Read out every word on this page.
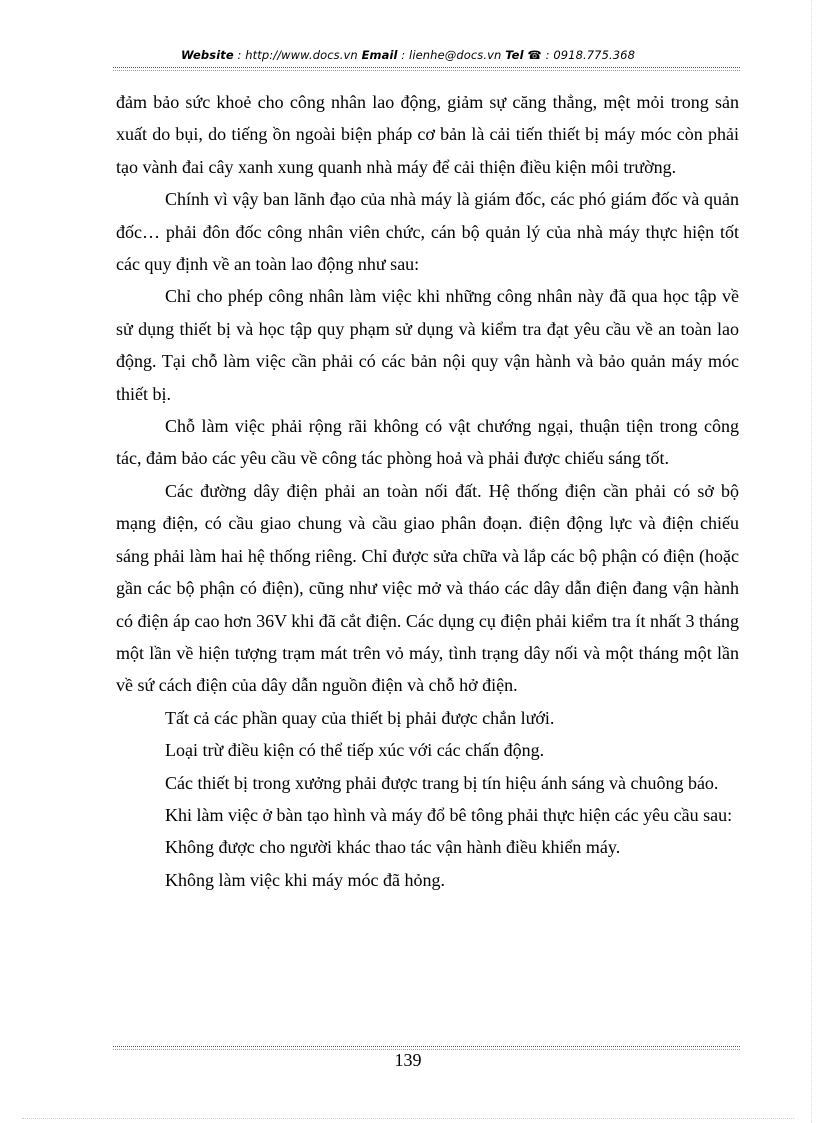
Website : http://www.docs.vn Email : lienhe@docs.vn Tel ☎ : 0918.775.368

đảm bảo sức khoẻ cho công nhân lao động, giảm sự căng thẳng, mệt mỏi trong sản xuất do bụi, do tiếng ồn ngoài biện pháp cơ bản là cải tiến thiết bị máy móc còn phải tạo vành đai cây xanh xung quanh nhà máy để cải thiện điều kiện môi trường.

Chính vì vậy ban lãnh đạo của nhà máy là giám đốc, các phó giám đốc và quản đốc… phải đôn đốc công nhân viên chức, cán bộ quản lý của nhà máy thực hiện tốt các quy định về an toàn lao động như sau:

Chỉ cho phép công nhân làm việc khi những công nhân này đã qua học tập về sử dụng thiết bị và học tập quy phạm sử dụng và kiểm tra đạt yêu cầu về an toàn lao động. Tại chỗ làm việc cần phải có các bản nội quy vận hành và bảo quản máy móc thiết bị.

Chỗ làm việc phải rộng rãi không có vật chướng ngại, thuận tiện trong công tác, đảm bảo các yêu cầu về công tác phòng hoả và phải được chiếu sáng tốt.

Các đường dây điện phải an toàn nối đất. Hệ thống điện cần phải có sở bộ mạng điện, có cầu giao chung và cầu giao phân đoạn. điện động lực và điện chiếu sáng phải làm hai hệ thống riêng. Chỉ được sửa chữa và lắp các bộ phận có điện (hoặc gần các bộ phận có điện), cũng như việc mở và tháo các dây dẫn điện đang vận hành có điện áp cao hơn 36V khi đã cắt điện. Các dụng cụ điện phải kiểm tra ít nhất 3 tháng một lần về hiện tượng trạm mát trên vỏ máy, tình trạng dây nối và một tháng một lần về sứ cách điện của dây dẫn nguồn điện và chỗ hở điện.

Tất cả các phần quay của thiết bị phải được chắn lưới.

Loại trừ điều kiện có thể tiếp xúc với các chấn động.

Các thiết bị trong xưởng phải được trang bị tín hiệu ánh sáng và chuông báo.

Khi làm việc ở bàn tạo hình và máy đổ bê tông phải thực hiện các yêu cầu sau:

Không được cho người khác thao tác vận hành điều khiển máy.

Không làm việc khi máy móc đã hỏng.

139
